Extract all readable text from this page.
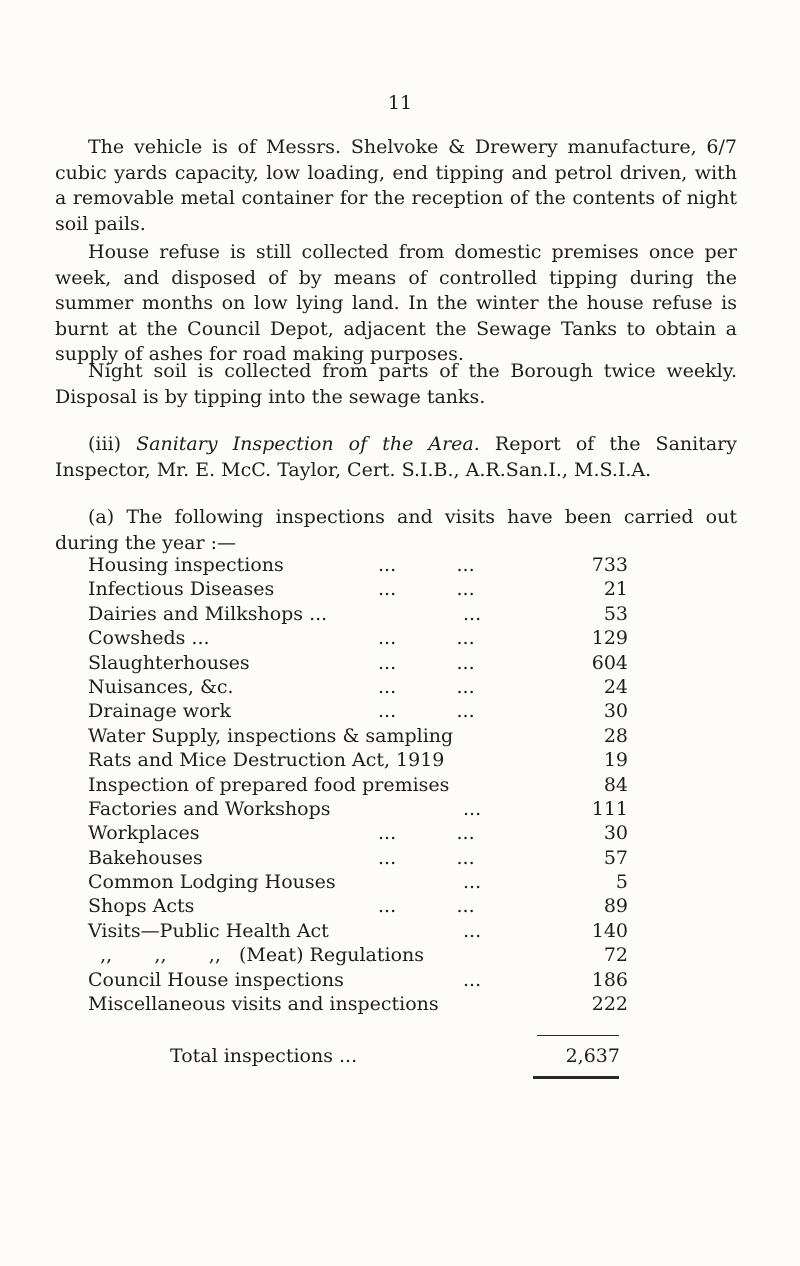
11

The vehicle is of Messrs. Shelvoke & Drewery manufacture, 6/7 cubic yards capacity, low loading, end tipping and petrol driven, with a removable metal container for the reception of the contents of night soil pails.

House refuse is still collected from domestic premises once per week, and disposed of by means of controlled tipping during the summer months on low lying land. In the winter the house refuse is burnt at the Council Depot, adjacent the Sewage Tanks to obtain a supply of ashes for road making purposes.

Night soil is collected from parts of the Borough twice weekly. Disposal is by tipping into the sewage tanks.

(iii) Sanitary Inspection of the Area. Report of the Sanitary Inspector, Mr. E. McC. Taylor, Cert. S.I.B., A.R.San.I., M.S.I.A.

(a) The following inspections and visits have been carried out during the year :—

Housing inspections	...          ...	733
Infectious Diseases	...          ...	21
Dairies and Milkshops ...	...	53
Cowsheds ...	...          ...	129
Slaughterhouses	...          ...	604
Nuisances, &c.	...          ...	24
Drainage work	...          ...	30
Water Supply, inspections & sampling	28
Rats and Mice Destruction Act, 1919	19
Inspection of prepared food premises	84
Factories and Workshops	...	111
Workplaces	...          ...	30
Bakehouses	...          ...	57
Common Lodging Houses	...	5
Shops Acts	...          ...	89
Visits—Public Health Act	...	140
,,       ,,       ,,   (Meat) Regulations	72
Council House inspections	...	186
Miscellaneous visits and inspections	222
Total inspections ...	2,637
